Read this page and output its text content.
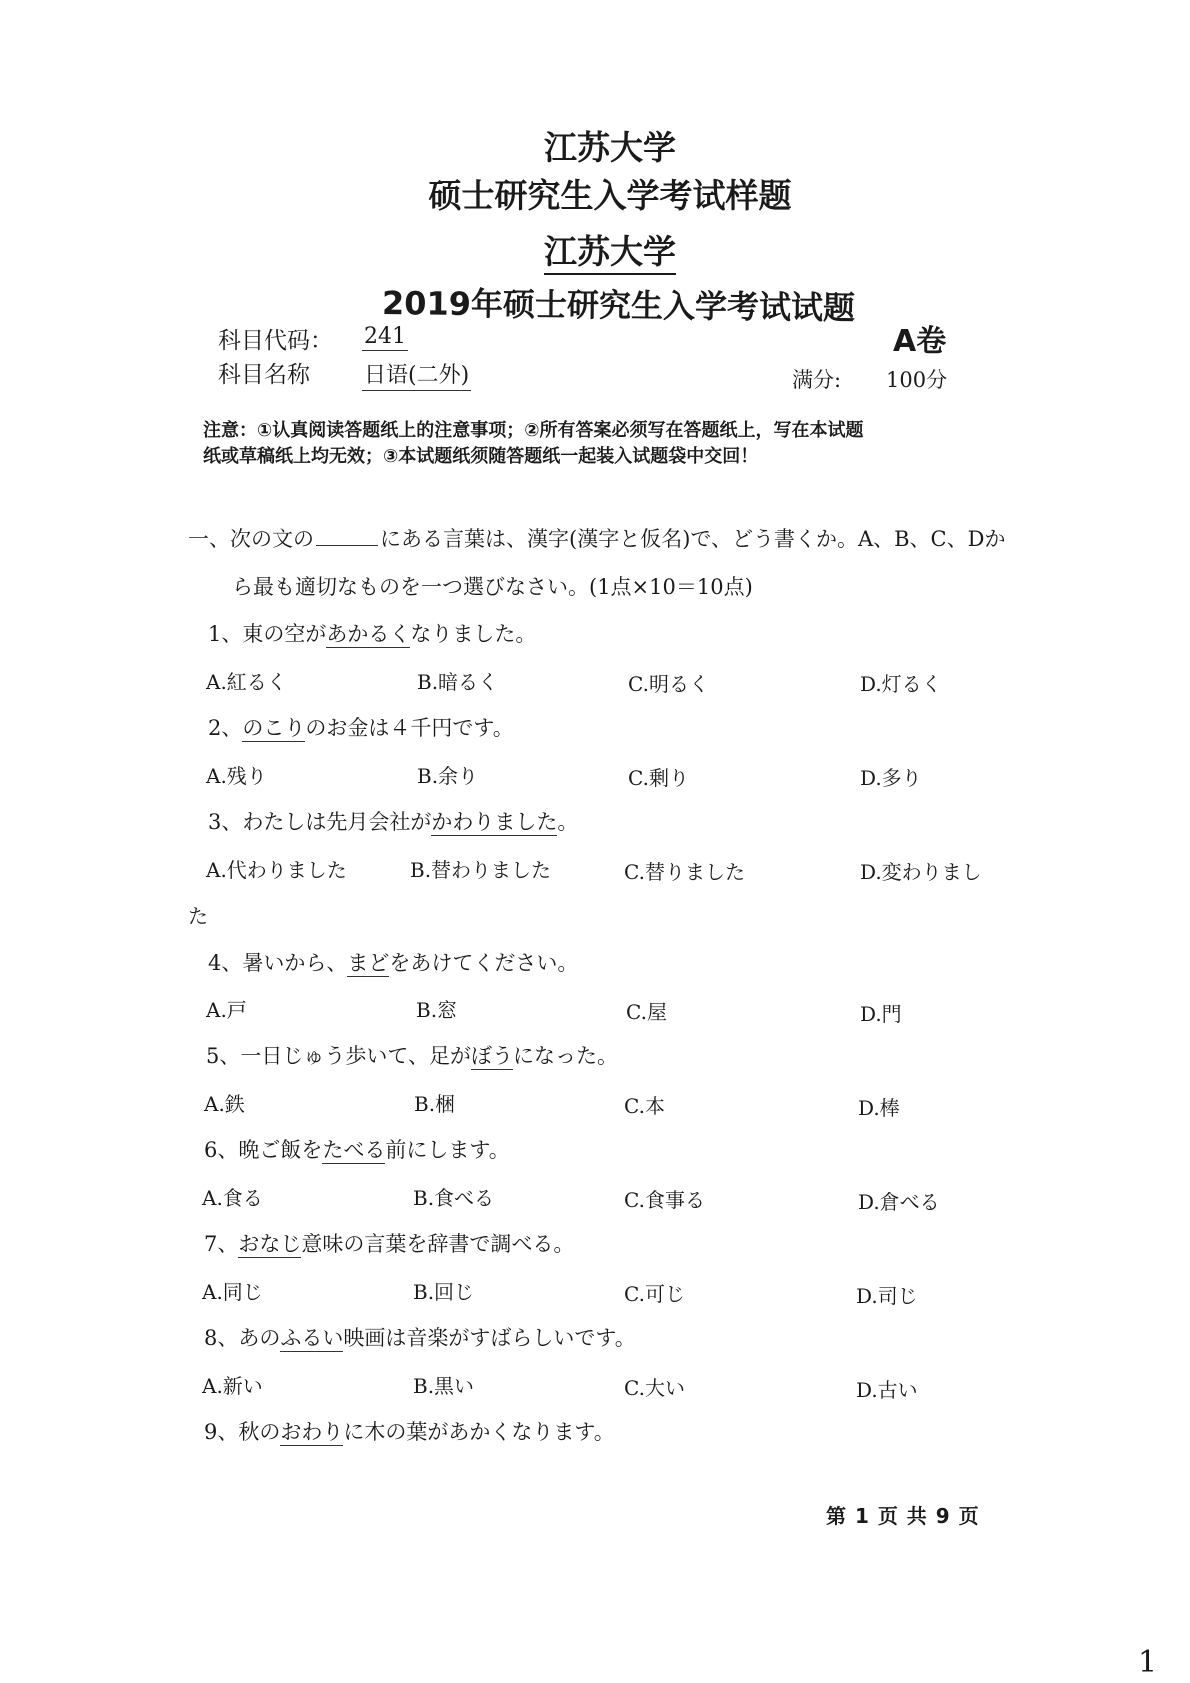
江苏大学
硕士研究生入学考试样题
江苏大学
2019年硕士研究生入学考试试题
科目代码： 241	A卷
科目名称 日语(二外)	满分: 100分
注意：①认真阅读答题纸上的注意事项；②所有答案必须写在答题纸上，写在本试题
纸或草稿纸上均无效；③本试题纸须随答题纸一起装入试题袋中交回！
一、次の文の	にある言葉は、漢字(漢字と仮名)で、どう書くか。A、B、C、Dか
ら最も適切なものを一つ選びなさい。(1点×10＝10点)
1、東の空があかるくなりました。
A.紅るく	B.暗るく	C.明るく	D.灯るく
2、のこりのお金は４千円です。
A.残り	B.余り	C.剰り	D.多り
3、わたしは先月会社がかわりました。
A.代わりました	B.替わりました	C.替りました	D.変わりまし
た
4、暑いから、まどをあけてください。
A.戸	B.窓	C.屋	D.門
5、一日じゅう歩いて、足がぼうになった。
A.鉄	B.梱	C.本	D.棒
6、晩ご飯をたべる前にします。
A.食る	B.食べる	C.食事る	D.倉べる
7、おなじ意味の言葉を辞書で調べる。
A.同じ	B.回じ	C.可じ	D.司じ
8、あのふるい映画は音楽がすばらしいです。
A.新い	B.黒い	C.大い	D.古い
9、秋のおわりに木の葉があかくなります。
第 1 页 共 9 页
1
